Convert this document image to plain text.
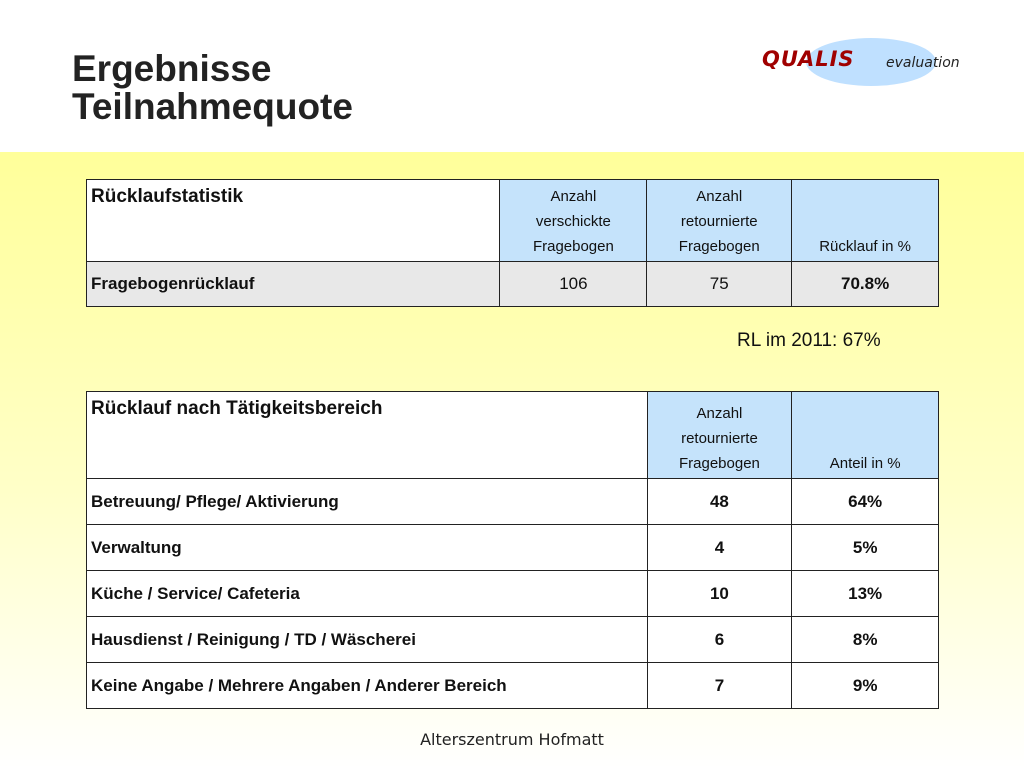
Ergebnisse
Teilnahmequote
QUALIS evaluation
Rücklaufstatistik	Anzahl
verschickte
Fragebogen	Anzahl
retournierte
Fragebogen	Rücklauf in %

Fragebogenrücklauf	106	75	70.8%
RL im 2011: 67%
Rücklauf nach Tätigkeitsbereich	Anzahl
retournierte
Fragebogen	Anteil in %

Betreuung/ Pflege/ Aktivierung	48	64%
Verwaltung	4	5%
Küche / Service/ Cafeteria	10	13%
Hausdienst / Reinigung / TD / Wäscherei	6	8%
Keine Angabe / Mehrere Angaben / Anderer Bereich	7	9%
Alterszentrum Hofmatt
